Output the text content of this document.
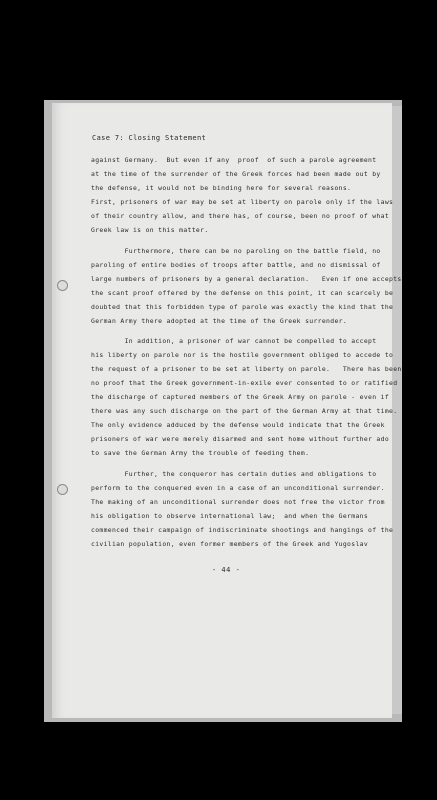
Case 7: Closing Statement
against Germany.  But even if any  proof  of such a parole agreement
at the time of the surrender of the Greek forces had been made out by
the defense, it would not be binding here for several reasons.
First, prisoners of war may be set at liberty on parole only if the laws
of their country allow, and there has, of course, been no proof of what
Greek law is on this matter.
Furthermore, there can be no paroling on the battle field, no
paroling of entire bodies of troops after battle, and no dismissal of
large numbers of prisoners by a general declaration.   Even if one accepts
the scant proof offered by the defense on this point, it can scarcely be
doubted that this forbidden type of parole was exactly the kind that the
German Army there adopted at the time of the Greek surrender.
In addition, a prisoner of war cannot be compelled to accept
his liberty on parole nor is the hostile government obliged to accede to
the request of a prisoner to be set at liberty on parole.   There has been
no proof that the Greek government-in-exile ever consented to or ratified
the discharge of captured members of the Greek Army on parole - even if
there was any such discharge on the part of the German Army at that time.
The only evidence adduced by the defense would indicate that the Greek
prisoners of war were merely disarmed and sent home without further ado
to save the German Army the trouble of feeding them.
Further, the conqueror has certain duties and obligations to
perform to the conquered even in a case of an unconditional surrender.
The making of an unconditional surrender does not free the victor from
his obligation to observe international law;  and when the Germans
commenced their campaign of indiscriminate shootings and hangings of the
civilian population, even former members of the Greek and Yugoslav
- 44 -
